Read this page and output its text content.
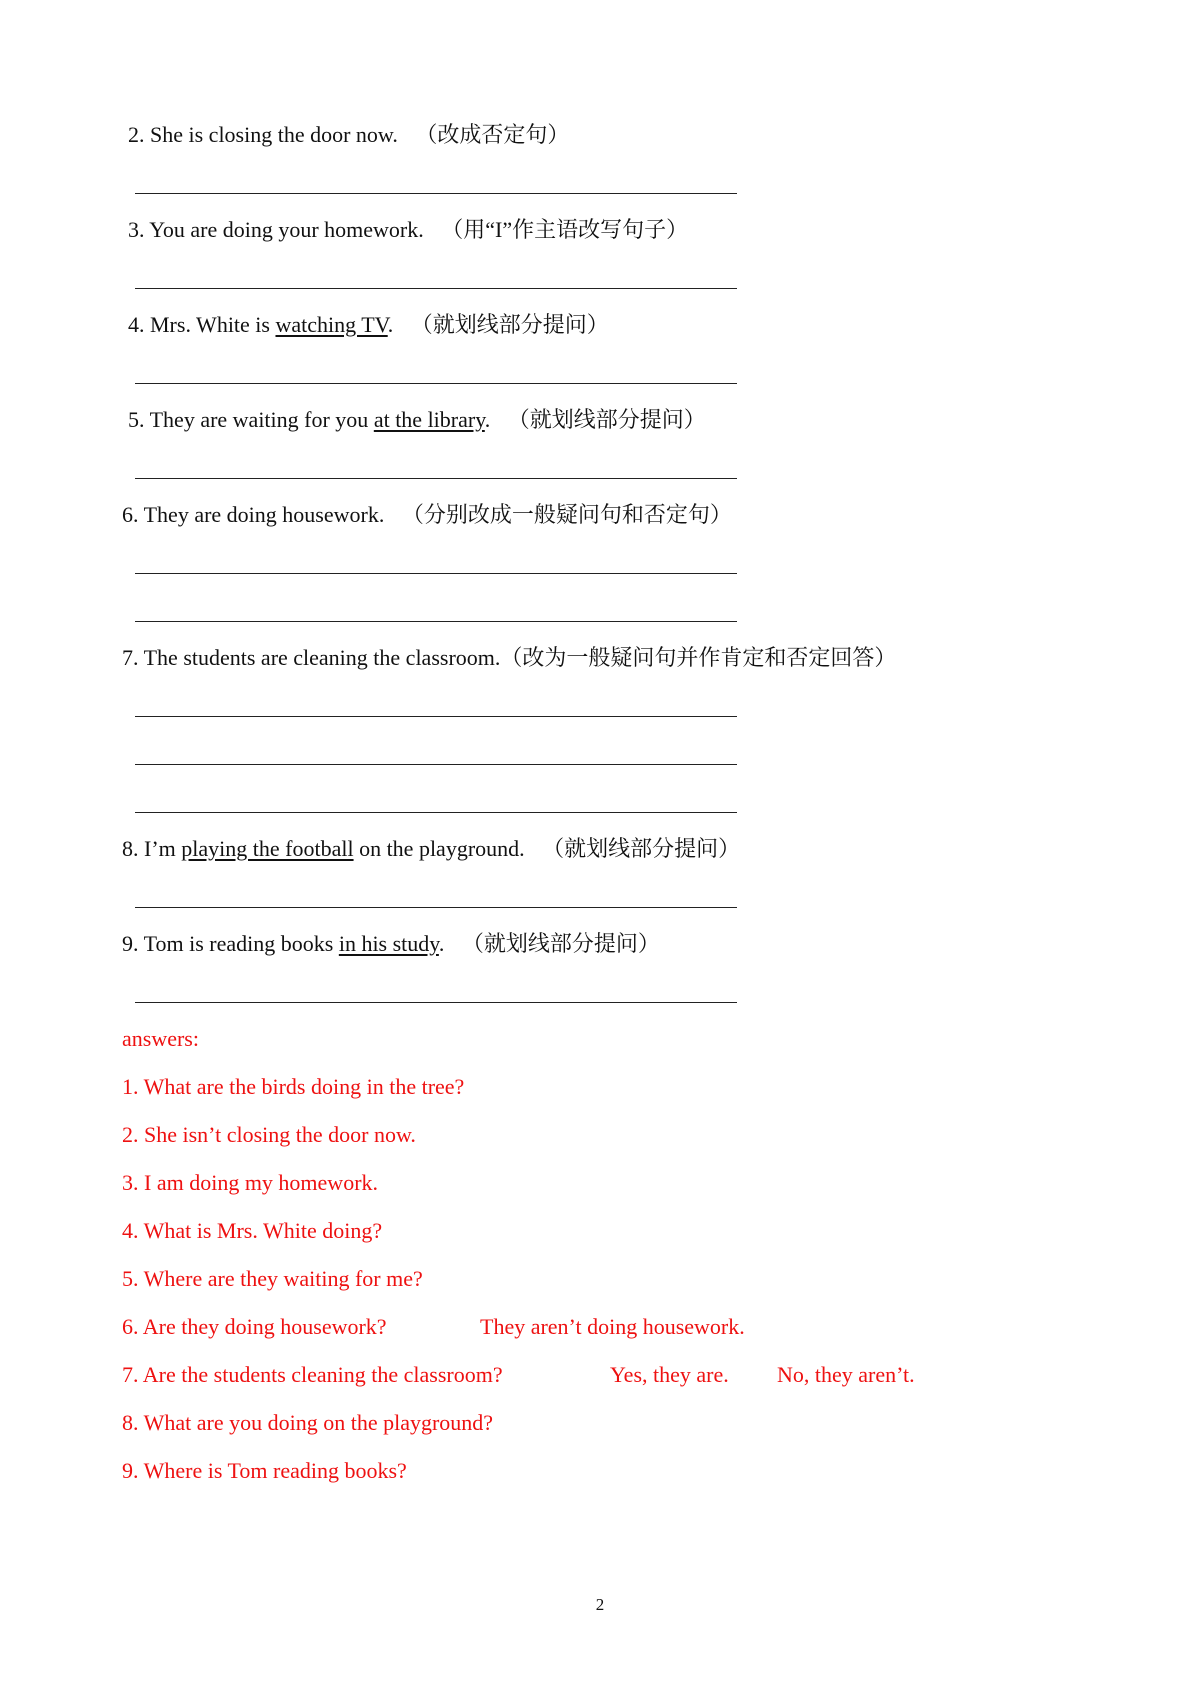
2. She is closing the door now. （改成否定句）
3. You are doing your homework. （用“I”作主语改写句子）
4. Mrs. White is watching TV. （就划线部分提问）
5. They are waiting for you at the library. （就划线部分提问）
6. They are doing housework. （分别改成一般疑问句和否定句）
7. The students are cleaning the classroom.（改为一般疑问句并作肯定和否定回答）
8. I’m playing the football on the playground. （就划线部分提问）
9. Tom is reading books in his study. （就划线部分提问）
answers:
1. What are the birds doing in the tree?
2. She isn’t closing the door now.
3. I am doing my homework.
4. What is Mrs. White doing?
5. Where are they waiting for me?
6. Are they doing housework?	They aren’t doing housework.
7. Are the students cleaning the classroom?	Yes, they are. No, they aren’t.
8. What are you doing on the playground?
9. Where is Tom reading books?
2
